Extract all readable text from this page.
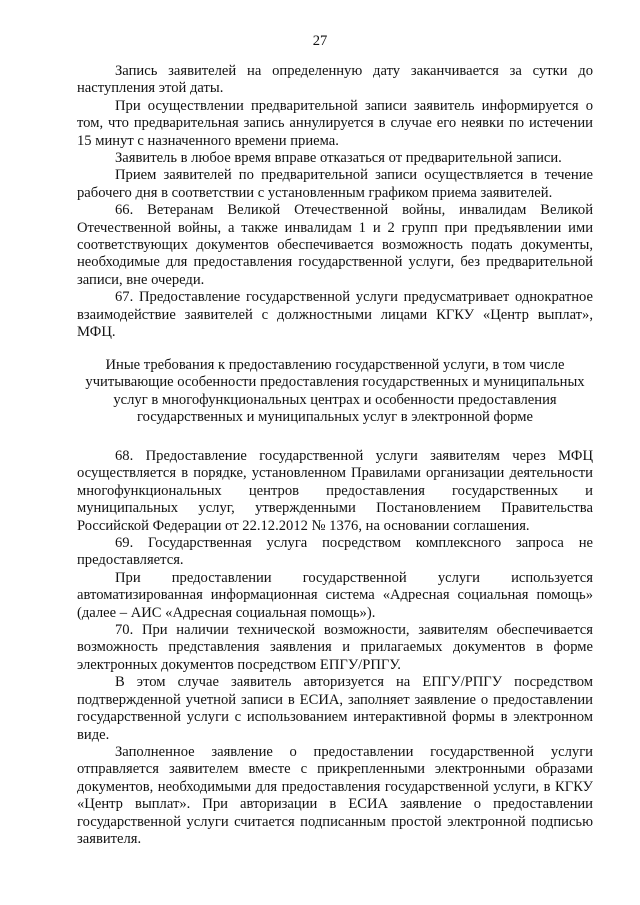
27

Запись заявителей на определенную дату заканчивается за сутки до наступления этой даты.

При осуществлении предварительной записи заявитель информируется о том, что предварительная запись аннулируется в случае его неявки по истечении 15 минут с назначенного времени приема.

Заявитель в любое время вправе отказаться от предварительной записи.

Прием заявителей по предварительной записи осуществляется в течение рабочего дня в соответствии с установленным графиком приема заявителей.

66. Ветеранам Великой Отечественной войны, инвалидам Великой Отечественной войны, а также инвалидам 1 и 2 групп при предъявлении ими соответствующих документов обеспечивается возможность подать документы, необходимые для предоставления государственной услуги, без предварительной записи, вне очереди.

67. Предоставление государственной услуги предусматривает однократное взаимодействие заявителей с должностными лицами КГКУ «Центр выплат», МФЦ.

Иные требования к предоставлению государственной услуги, в том числе учитывающие особенности предоставления государственных и муниципальных услуг в многофункциональных центрах и особенности предоставления государственных и муниципальных услуг в электронной форме

68. Предоставление государственной услуги заявителям через МФЦ осуществляется в порядке, установленном Правилами организации деятельности многофункциональных центров предоставления государственных и муниципальных услуг, утвержденными Постановлением Правительства Российской Федерации от 22.12.2012 № 1376, на основании соглашения.

69. Государственная услуга посредством комплексного запроса не предоставляется.

При предоставлении государственной услуги используется автоматизированная информационная система «Адресная социальная помощь» (далее – АИС «Адресная социальная помощь»).

70. При наличии технической возможности, заявителям обеспечивается возможность представления заявления и прилагаемых документов в форме электронных документов посредством ЕПГУ/РПГУ.

В этом случае заявитель авторизуется на ЕПГУ/РПГУ посредством подтвержденной учетной записи в ЕСИА, заполняет заявление о предоставлении государственной услуги с использованием интерактивной формы в электронном виде.

Заполненное заявление о предоставлении государственной услуги отправляется заявителем вместе с прикрепленными электронными образами документов, необходимыми для предоставления государственной услуги, в КГКУ «Центр выплат». При авторизации в ЕСИА заявление о предоставлении государственной услуги считается подписанным простой электронной подписью заявителя.
